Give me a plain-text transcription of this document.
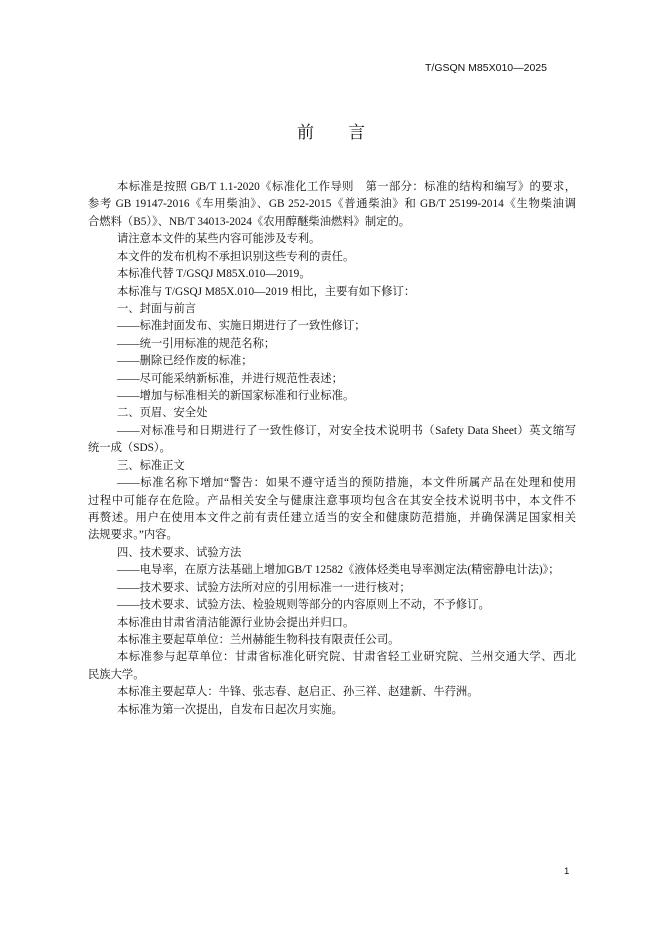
T/GSQN M85X010—2025
前　　言
本标准是按照 GB/T 1.1-2020《标准化工作导则　第一部分：标准的结构和编写》的要求，
参考 GB 19147-2016《车用柴油》、GB 252-2015《普通柴油》和 GB/T 25199-2014《生物柴油调
合燃料（B5）》、NB/T 34013-2024《农用醇醚柴油燃料》制定的。
请注意本文件的某些内容可能涉及专利。
本文件的发布机构不承担识别这些专利的责任。
本标准代替 T/GSQJ M85X.010—2019。
本标准与 T/GSQJ M85X.010—2019 相比，主要有如下修订：
一、封面与前言
——标准封面发布、实施日期进行了一致性修订；
——统一引用标准的规范名称；
——删除已经作废的标准；
——尽可能采纳新标准，并进行规范性表述；
——增加与标准相关的新国家标准和行业标准。
二、页眉、安全处
——对标准号和日期进行了一致性修订，对安全技术说明书（Safety Data Sheet）英文缩写
统一成（SDS）。
三、标准正文
——标准名称下增加“警告：如果不遵守适当的预防措施，本文件所属产品在处理和使用
过程中可能存在危险。产品相关安全与健康注意事项均包含在其安全技术说明书中，本文件不
再赘述。用户在使用本文件之前有责任建立适当的安全和健康防范措施，并确保满足国家相关
法规要求。”内容。
四、技术要求、试验方法
——电导率，在原方法基础上增加GB/T 12582《液体烃类电导率测定法(精密静电计法)》；
——技术要求、试验方法所对应的引用标准一一进行核对；
——技术要求、试验方法、检验规则等部分的内容原则上不动，不予修订。
本标准由甘肃省清洁能源行业协会提出并归口。
本标准主要起草单位：兰州赫能生物科技有限责任公司。
本标准参与起草单位：甘肃省标准化研究院、甘肃省轻工业研究院、兰州交通大学、西北
民族大学。
本标准主要起草人：牛锋、张志春、赵启正、孙三祥、赵建新、牛荇洲。
本标准为第一次提出，自发布日起次月实施。
1
